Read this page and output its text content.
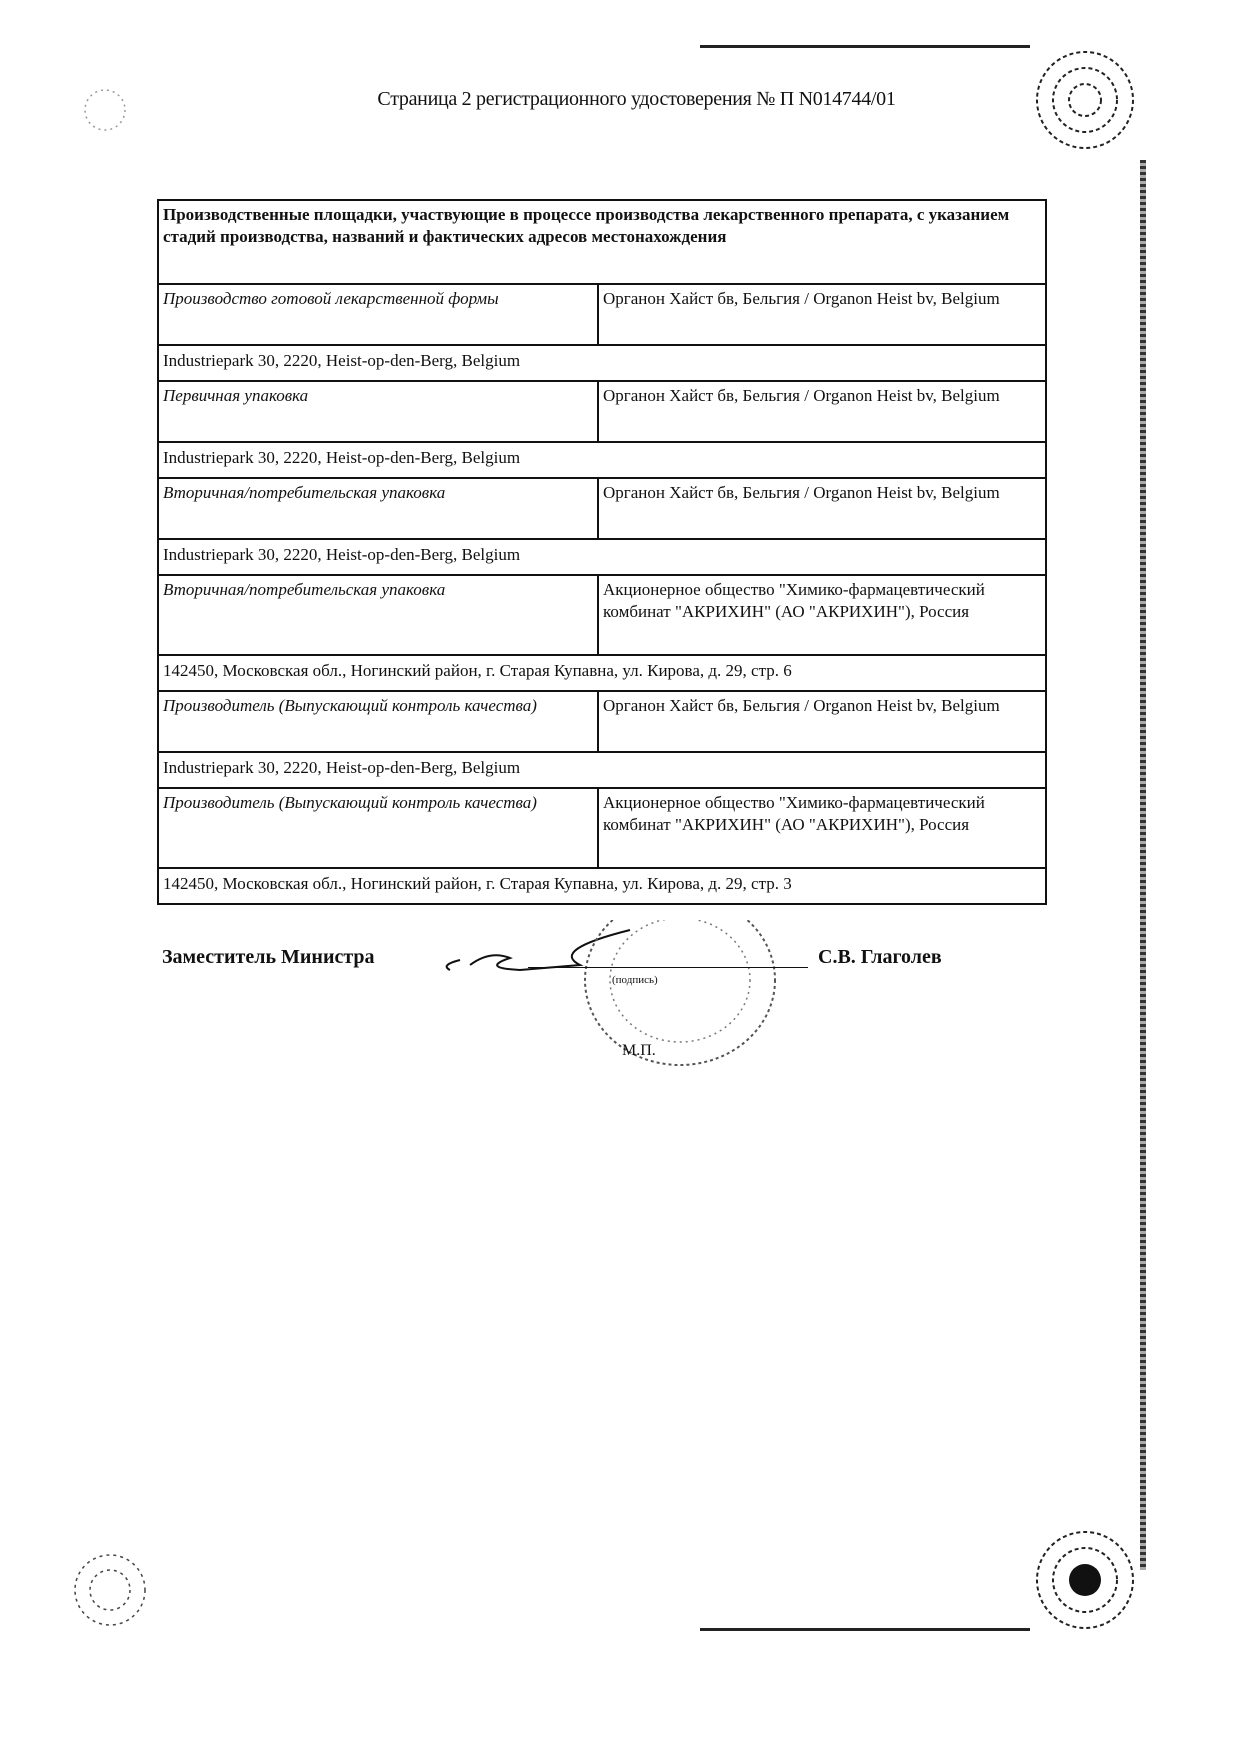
Страница 2 регистрационного удостоверения № П N014744/01
Производственные площадки, участвующие в процессе производства лекарственного препарата, с указанием стадий производства, названий и фактических адресов местонахождения	
Производство готовой лекарственной формы	Органон Хайст бв, Бельгия / Organon Heist bv, Belgium
Industriepark 30, 2220, Heist-op-den-Berg, Belgium	
Первичная упаковка	Органон Хайст бв, Бельгия / Organon Heist bv, Belgium
Industriepark 30, 2220, Heist-op-den-Berg, Belgium	
Вторичная/потребительская упаковка	Органон Хайст бв, Бельгия / Organon Heist bv, Belgium
Industriepark 30, 2220, Heist-op-den-Berg, Belgium	
Вторичная/потребительская упаковка	Акционерное общество "Химико-фармацевтический комбинат "АКРИХИН" (АО "АКРИХИН"), Россия
142450, Московская обл., Ногинский район, г. Старая Купавна, ул. Кирова, д. 29, стр. 6	
Производитель (Выпускающий контроль качества)	Органон Хайст бв, Бельгия / Organon Heist bv, Belgium
Industriepark 30, 2220, Heist-op-den-Berg, Belgium	
Производитель (Выпускающий контроль качества)	Акционерное общество "Химико-фармацевтический комбинат "АКРИХИН" (АО "АКРИХИН"), Россия
142450, Московская обл., Ногинский район, г. Старая Купавна, ул. Кирова, д. 29, стр. 3	
Заместитель Министра
(подпись)
С.В. Глаголев
М.П.
